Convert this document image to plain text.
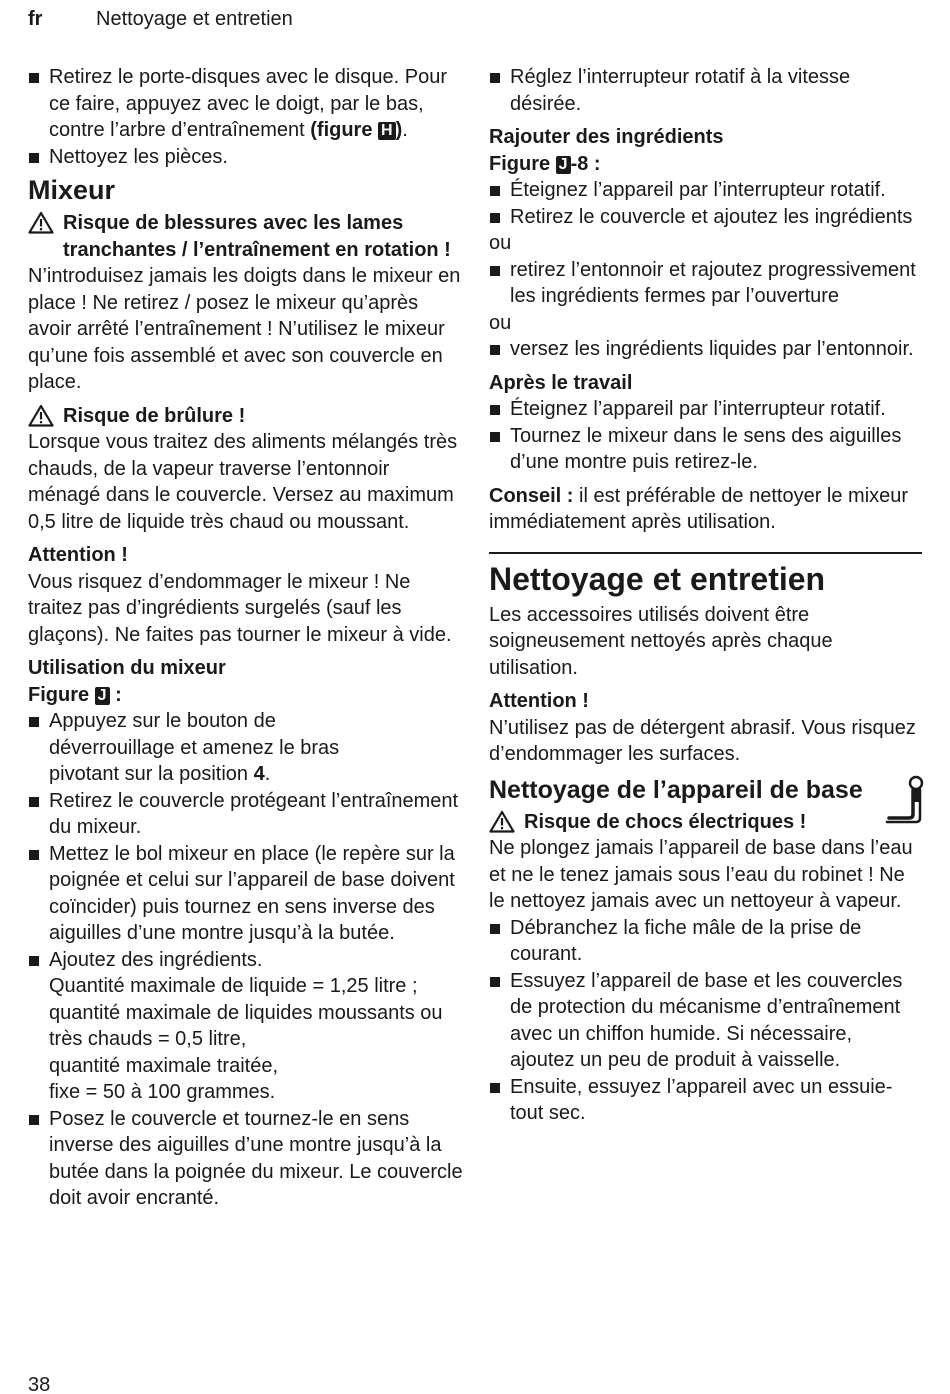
fr	Nettoyage et entretien

Retirez le porte-disques avec le disque. Pour ce faire, appuyez avec le doigt, par le bas, contre l’arbre d’entraînement (figure H ).

Nettoyez les pièces.

Mixeur

Risque de blessures avec les lames tranchantes / l’entraînement en rotation !

N’introduisez jamais les doigts dans le mixeur en place ! Ne retirez / posez le mixeur qu’après avoir arrêté l’entraînement ! N’utilisez le mixeur qu’une fois assemblé et avec son couvercle en place.

Risque de brûlure !

Lorsque vous traitez des aliments mélangés très chauds, de la vapeur traverse l’entonnoir ménagé dans le couvercle. Versez au maximum 0,5 litre de liquide très chaud ou moussant.

Attention !

Vous risquez d’endommager le mixeur ! Ne traitez pas d’ingrédients surgelés (sauf les glaçons). Ne faites pas tourner le mixeur à vide.

Utilisation du mixeur

Figure J :

Appuyez sur le bouton de déverrouillage et amenez le bras pivotant sur la position 4.

Retirez le couvercle protégeant l’entraînement du mixeur.

Mettez le bol mixeur en place (le repère sur la poignée et celui sur l’appareil de base doivent coïncider) puis tournez en sens inverse des aiguilles d’une montre jusqu’à la butée.

Ajoutez des ingrédients.

Quantité maximale de liquide = 1,25 litre ;

quantité maximale de liquides moussants ou très chauds = 0,5 litre,

quantité maximale traitée,

fixe = 50 à 100 grammes.

Posez le couvercle et tournez-le en sens inverse des aiguilles d’une montre jusqu’à la butée dans la poignée du mixeur. Le couvercle doit avoir encranté.

Réglez l’interrupteur rotatif à la vitesse désirée.

Rajouter des ingrédients

Figure J -8 :

Éteignez l’appareil par l’interrupteur rotatif.

Retirez le couvercle et ajoutez les ingrédients

ou

retirez l’entonnoir et rajoutez progressivement les ingrédients fermes par l’ouverture

ou

versez les ingrédients liquides par l’entonnoir.

Après le travail

Éteignez l’appareil par l’interrupteur rotatif.

Tournez le mixeur dans le sens des aiguilles d’une montre puis retirez-le.

Conseil : il est préférable de nettoyer le mixeur immédiatement après utilisation.

Nettoyage et entretien

Les accessoires utilisés doivent être soigneusement nettoyés après chaque utilisation.

Attention !

N’utilisez pas de détergent abrasif. Vous risquez d’endommager les surfaces.

Nettoyage de l’appareil de base

Risque de chocs électriques !

Ne plongez jamais l’appareil de base dans l’eau et ne le tenez jamais sous l’eau du robinet ! Ne le nettoyez jamais avec un nettoyeur à vapeur.

Débranchez la fiche mâle de la prise de courant.

Essuyez l’appareil de base et les couvercles de protection du mécanisme d’entraînement avec un chiffon humide. Si nécessaire, ajoutez un peu de produit à vaisselle.

Ensuite, essuyez l’appareil avec un essuie-tout sec.

38
